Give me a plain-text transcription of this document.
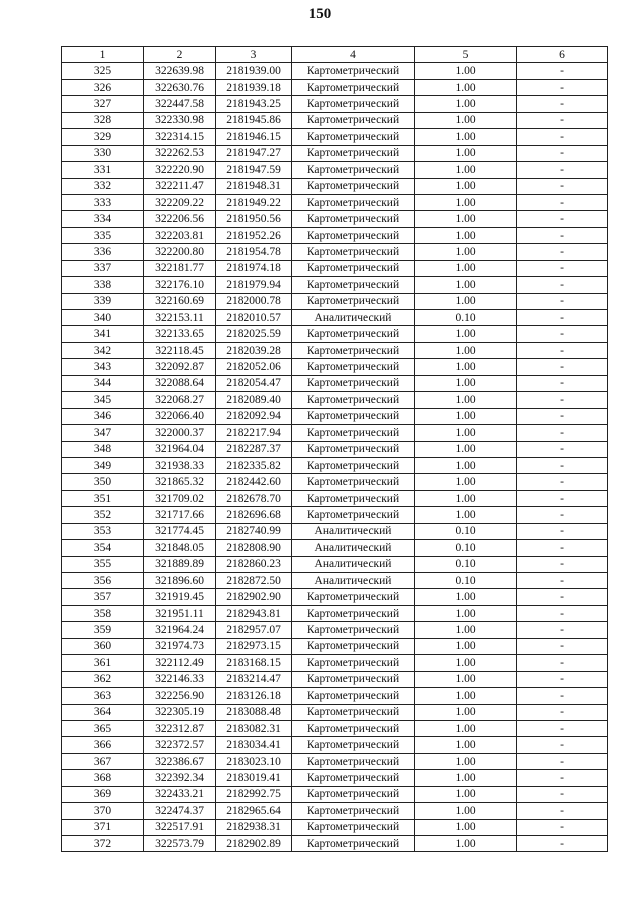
150
1	2	3	4	5	6
325	322639.98	2181939.00	Картометрический	1.00	-
326	322630.76	2181939.18	Картометрический	1.00	-
327	322447.58	2181943.25	Картометрический	1.00	-
328	322330.98	2181945.86	Картометрический	1.00	-
329	322314.15	2181946.15	Картометрический	1.00	-
330	322262.53	2181947.27	Картометрический	1.00	-
331	322220.90	2181947.59	Картометрический	1.00	-
332	322211.47	2181948.31	Картометрический	1.00	-
333	322209.22	2181949.22	Картометрический	1.00	-
334	322206.56	2181950.56	Картометрический	1.00	-
335	322203.81	2181952.26	Картометрический	1.00	-
336	322200.80	2181954.78	Картометрический	1.00	-
337	322181.77	2181974.18	Картометрический	1.00	-
338	322176.10	2181979.94	Картометрический	1.00	-
339	322160.69	2182000.78	Картометрический	1.00	-
340	322153.11	2182010.57	Аналитический	0.10	-
341	322133.65	2182025.59	Картометрический	1.00	-
342	322118.45	2182039.28	Картометрический	1.00	-
343	322092.87	2182052.06	Картометрический	1.00	-
344	322088.64	2182054.47	Картометрический	1.00	-
345	322068.27	2182089.40	Картометрический	1.00	-
346	322066.40	2182092.94	Картометрический	1.00	-
347	322000.37	2182217.94	Картометрический	1.00	-
348	321964.04	2182287.37	Картометрический	1.00	-
349	321938.33	2182335.82	Картометрический	1.00	-
350	321865.32	2182442.60	Картометрический	1.00	-
351	321709.02	2182678.70	Картометрический	1.00	-
352	321717.66	2182696.68	Картометрический	1.00	-
353	321774.45	2182740.99	Аналитический	0.10	-
354	321848.05	2182808.90	Аналитический	0.10	-
355	321889.89	2182860.23	Аналитический	0.10	-
356	321896.60	2182872.50	Аналитический	0.10	-
357	321919.45	2182902.90	Картометрический	1.00	-
358	321951.11	2182943.81	Картометрический	1.00	-
359	321964.24	2182957.07	Картометрический	1.00	-
360	321974.73	2182973.15	Картометрический	1.00	-
361	322112.49	2183168.15	Картометрический	1.00	-
362	322146.33	2183214.47	Картометрический	1.00	-
363	322256.90	2183126.18	Картометрический	1.00	-
364	322305.19	2183088.48	Картометрический	1.00	-
365	322312.87	2183082.31	Картометрический	1.00	-
366	322372.57	2183034.41	Картометрический	1.00	-
367	322386.67	2183023.10	Картометрический	1.00	-
368	322392.34	2183019.41	Картометрический	1.00	-
369	322433.21	2182992.75	Картометрический	1.00	-
370	322474.37	2182965.64	Картометрический	1.00	-
371	322517.91	2182938.31	Картометрический	1.00	-
372	322573.79	2182902.89	Картометрический	1.00	-
